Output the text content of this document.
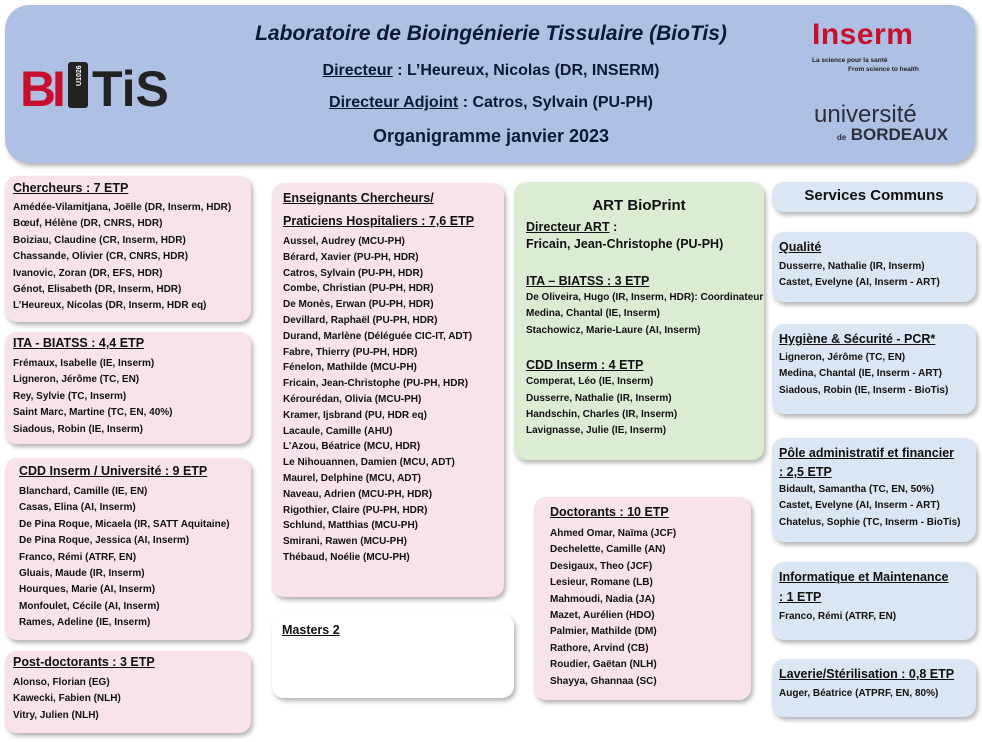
B
I U1026 TiS
Laboratoire de Bioingénierie Tissulaire (BioTis)
Directeur : L’Heureux, Nicolas (DR, INSERM)
Directeur Adjoint : Catros, Sylvain (PU-PH)
Organigramme janvier 2023
Inserm
La science pour la santé
From science to health
université
de BORDEAUX
Chercheurs : 7 ETP
Amédée-Vilamitjana, Joëlle (DR, Inserm, HDR)
Bœuf, Hélène (DR, CNRS, HDR)
Boiziau, Claudine (CR, Inserm, HDR)
Chassande, Olivier (CR, CNRS, HDR)
Ivanovic, Zoran (DR, EFS, HDR)
Génot, Elisabeth (DR, Inserm, HDR)
L’Heureux, Nicolas (DR, Inserm, HDR eq)
ITA - BIATSS : 4,4 ETP
Frémaux, Isabelle (IE, Inserm)
Ligneron, Jérôme (TC, EN)
Rey, Sylvie (TC, Inserm)
Saint Marc, Martine (TC, EN, 40%)
Siadous, Robin (IE, Inserm)
CDD Inserm / Université : 9 ETP
Blanchard, Camille (IE, EN)
Casas, Elina (AI, Inserm)
De Pina Roque, Micaela (IR, SATT Aquitaine)
De Pina Roque, Jessica (AI, Inserm)
Franco, Rémi (ATRF, EN)
Gluais, Maude (IR, Inserm)
Hourques, Marie (AI, Inserm)
Monfoulet, Cécile (AI, Inserm)
Rames, Adeline (IE, Inserm)
Post-doctorants : 3 ETP
Alonso, Florian (EG)
Kawecki, Fabien (NLH)
Vitry, Julien (NLH)
Enseignants Chercheurs/
Praticiens Hospitaliers : 7,6 ETP
Aussel, Audrey (MCU-PH)
Bérard, Xavier (PU-PH, HDR)
Catros, Sylvain (PU-PH, HDR)
Combe, Christian (PU-PH, HDR)
De Monès, Erwan (PU-PH, HDR)
Devillard, Raphaël (PU-PH, HDR)
Durand, Marlène (Déléguée CIC-IT, ADT)
Fabre, Thierry (PU-PH, HDR)
Fénelon, Mathilde (MCU-PH)
Fricain, Jean-Christophe (PU-PH, HDR)
Kérourédan, Olivia (MCU-PH)
Kramer, Ijsbrand (PU, HDR eq)
Lacaule, Camille (AHU)
L’Azou, Béatrice (MCU, HDR)
Le Nihouannen, Damien (MCU, ADT)
Maurel, Delphine (MCU, ADT)
Naveau, Adrien (MCU-PH, HDR)
Rigothier, Claire (PU-PH, HDR)
Schlund, Matthias (MCU-PH)
Smirani, Rawen (MCU-PH)
Thébaud, Noélie (MCU-PH)
Masters 2
ART BioPrint
Directeur ART :
Fricain, Jean-Christophe (PU-PH)
ITA – BIATSS : 3 ETP
De Oliveira, Hugo (IR, Inserm, HDR): Coordinateur
Medina, Chantal (IE, Inserm)
Stachowicz, Marie-Laure (AI, Inserm)
CDD Inserm : 4 ETP
Comperat, Léo (IE, Inserm)
Dusserre, Nathalie (IR, Inserm)
Handschin, Charles (IR, Inserm)
Lavignasse, Julie (IE, Inserm)
Doctorants : 10 ETP
Ahmed Omar, Naïma (JCF)
Dechelette, Camille (AN)
Desigaux, Theo (JCF)
Lesieur, Romane (LB)
Mahmoudi, Nadia (JA)
Mazet, Aurélien (HDO)
Palmier, Mathilde (DM)
Rathore, Arvind (CB)
Roudier, Gaëtan (NLH)
Shayya, Ghannaa (SC)
Services Communs
Qualité
Dusserre, Nathalie (IR, Inserm)
Castet, Evelyne (AI, Inserm - ART)
Hygiène & Sécurité - PCR*
Ligneron, Jérôme (TC, EN)
Medina, Chantal (IE, Inserm - ART)
Siadous, Robin (IE, Inserm - BioTis)
Pôle administratif et financier
: 2,5 ETP
Bidault, Samantha (TC, EN, 50%)
Castet, Evelyne (AI, Inserm - ART)
Chatelus, Sophie (TC, Inserm - BioTis)
Informatique et Maintenance
: 1 ETP
Franco, Rémi (ATRF, EN)
Laverie/Stérilisation : 0,8 ETP
Auger, Béatrice (ATPRF, EN, 80%)
